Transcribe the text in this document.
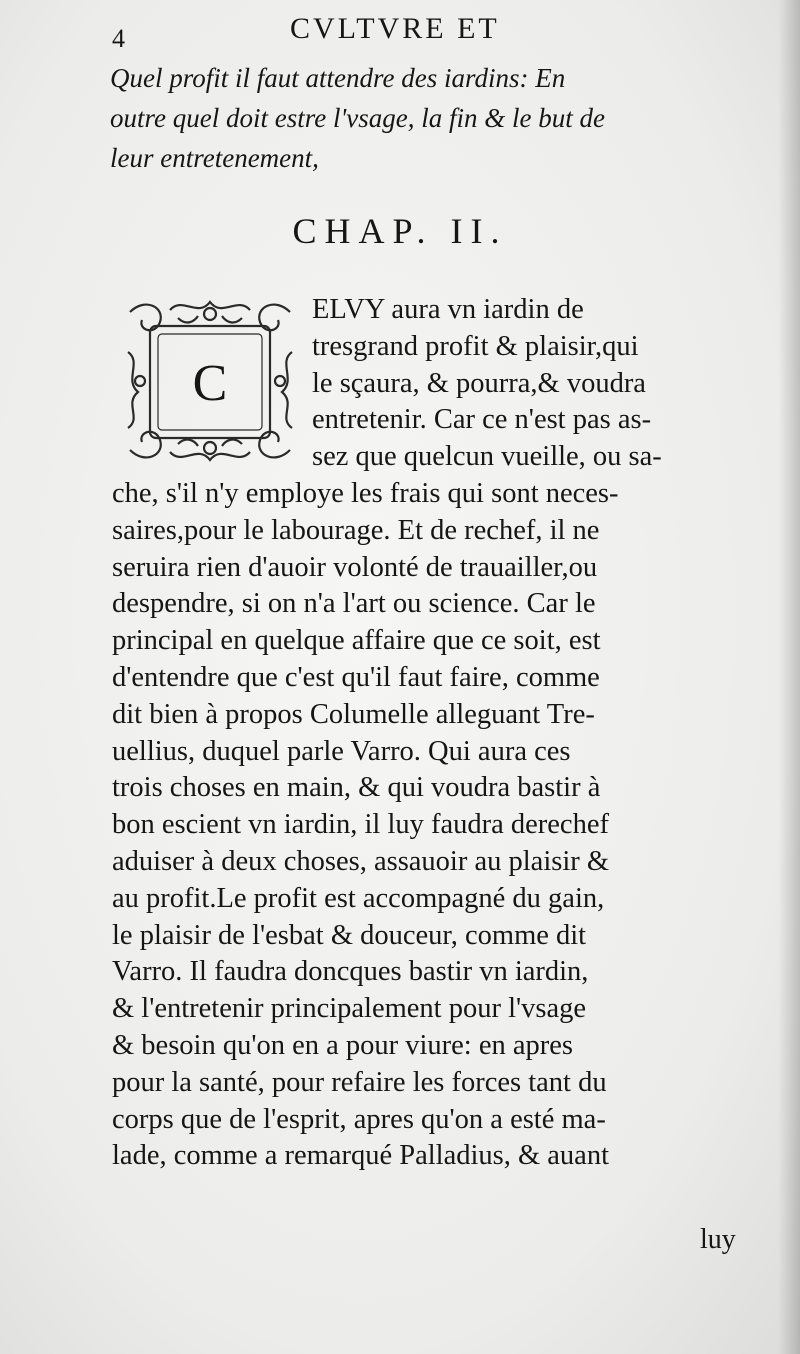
4	CVLTVRE ET
Quel profit il faut attendre des iardins: En
outre quel doit estre l'vsage, la fin & le but de
leur entretenement,
CHAP. II.
C
ELVY aura vn iardin de
tresgrand profit & plaisir,qui
le sçaura, & pourra,& voudra
entretenir. Car ce n'est pas as-
sez que quelcun vueille, ou sa-
che, s'il n'y employe les frais qui sont neces-
saires,pour le labourage. Et de rechef, il ne
seruira rien d'auoir volonté de trauailler,ou
despendre, si on n'a l'art ou science. Car le
principal en quelque affaire que ce soit, est
d'entendre que c'est qu'il faut faire, comme
dit bien à propos Columelle alleguant Tre-
uellius, duquel parle Varro. Qui aura ces
trois choses en main, & qui voudra bastir à
bon escient vn iardin, il luy faudra derechef
aduiser à deux choses, assauoir au plaisir &
au profit.Le profit est accompagné du gain,
le plaisir de l'esbat & douceur, comme dit
Varro. Il faudra doncques bastir vn iardin,
& l'entretenir principalement pour l'vsage
& besoin qu'on en a pour viure: en apres
pour la santé, pour refaire les forces tant du
corps que de l'esprit, apres qu'on a esté ma-
lade, comme a remarqué Palladius, & auant
luy
